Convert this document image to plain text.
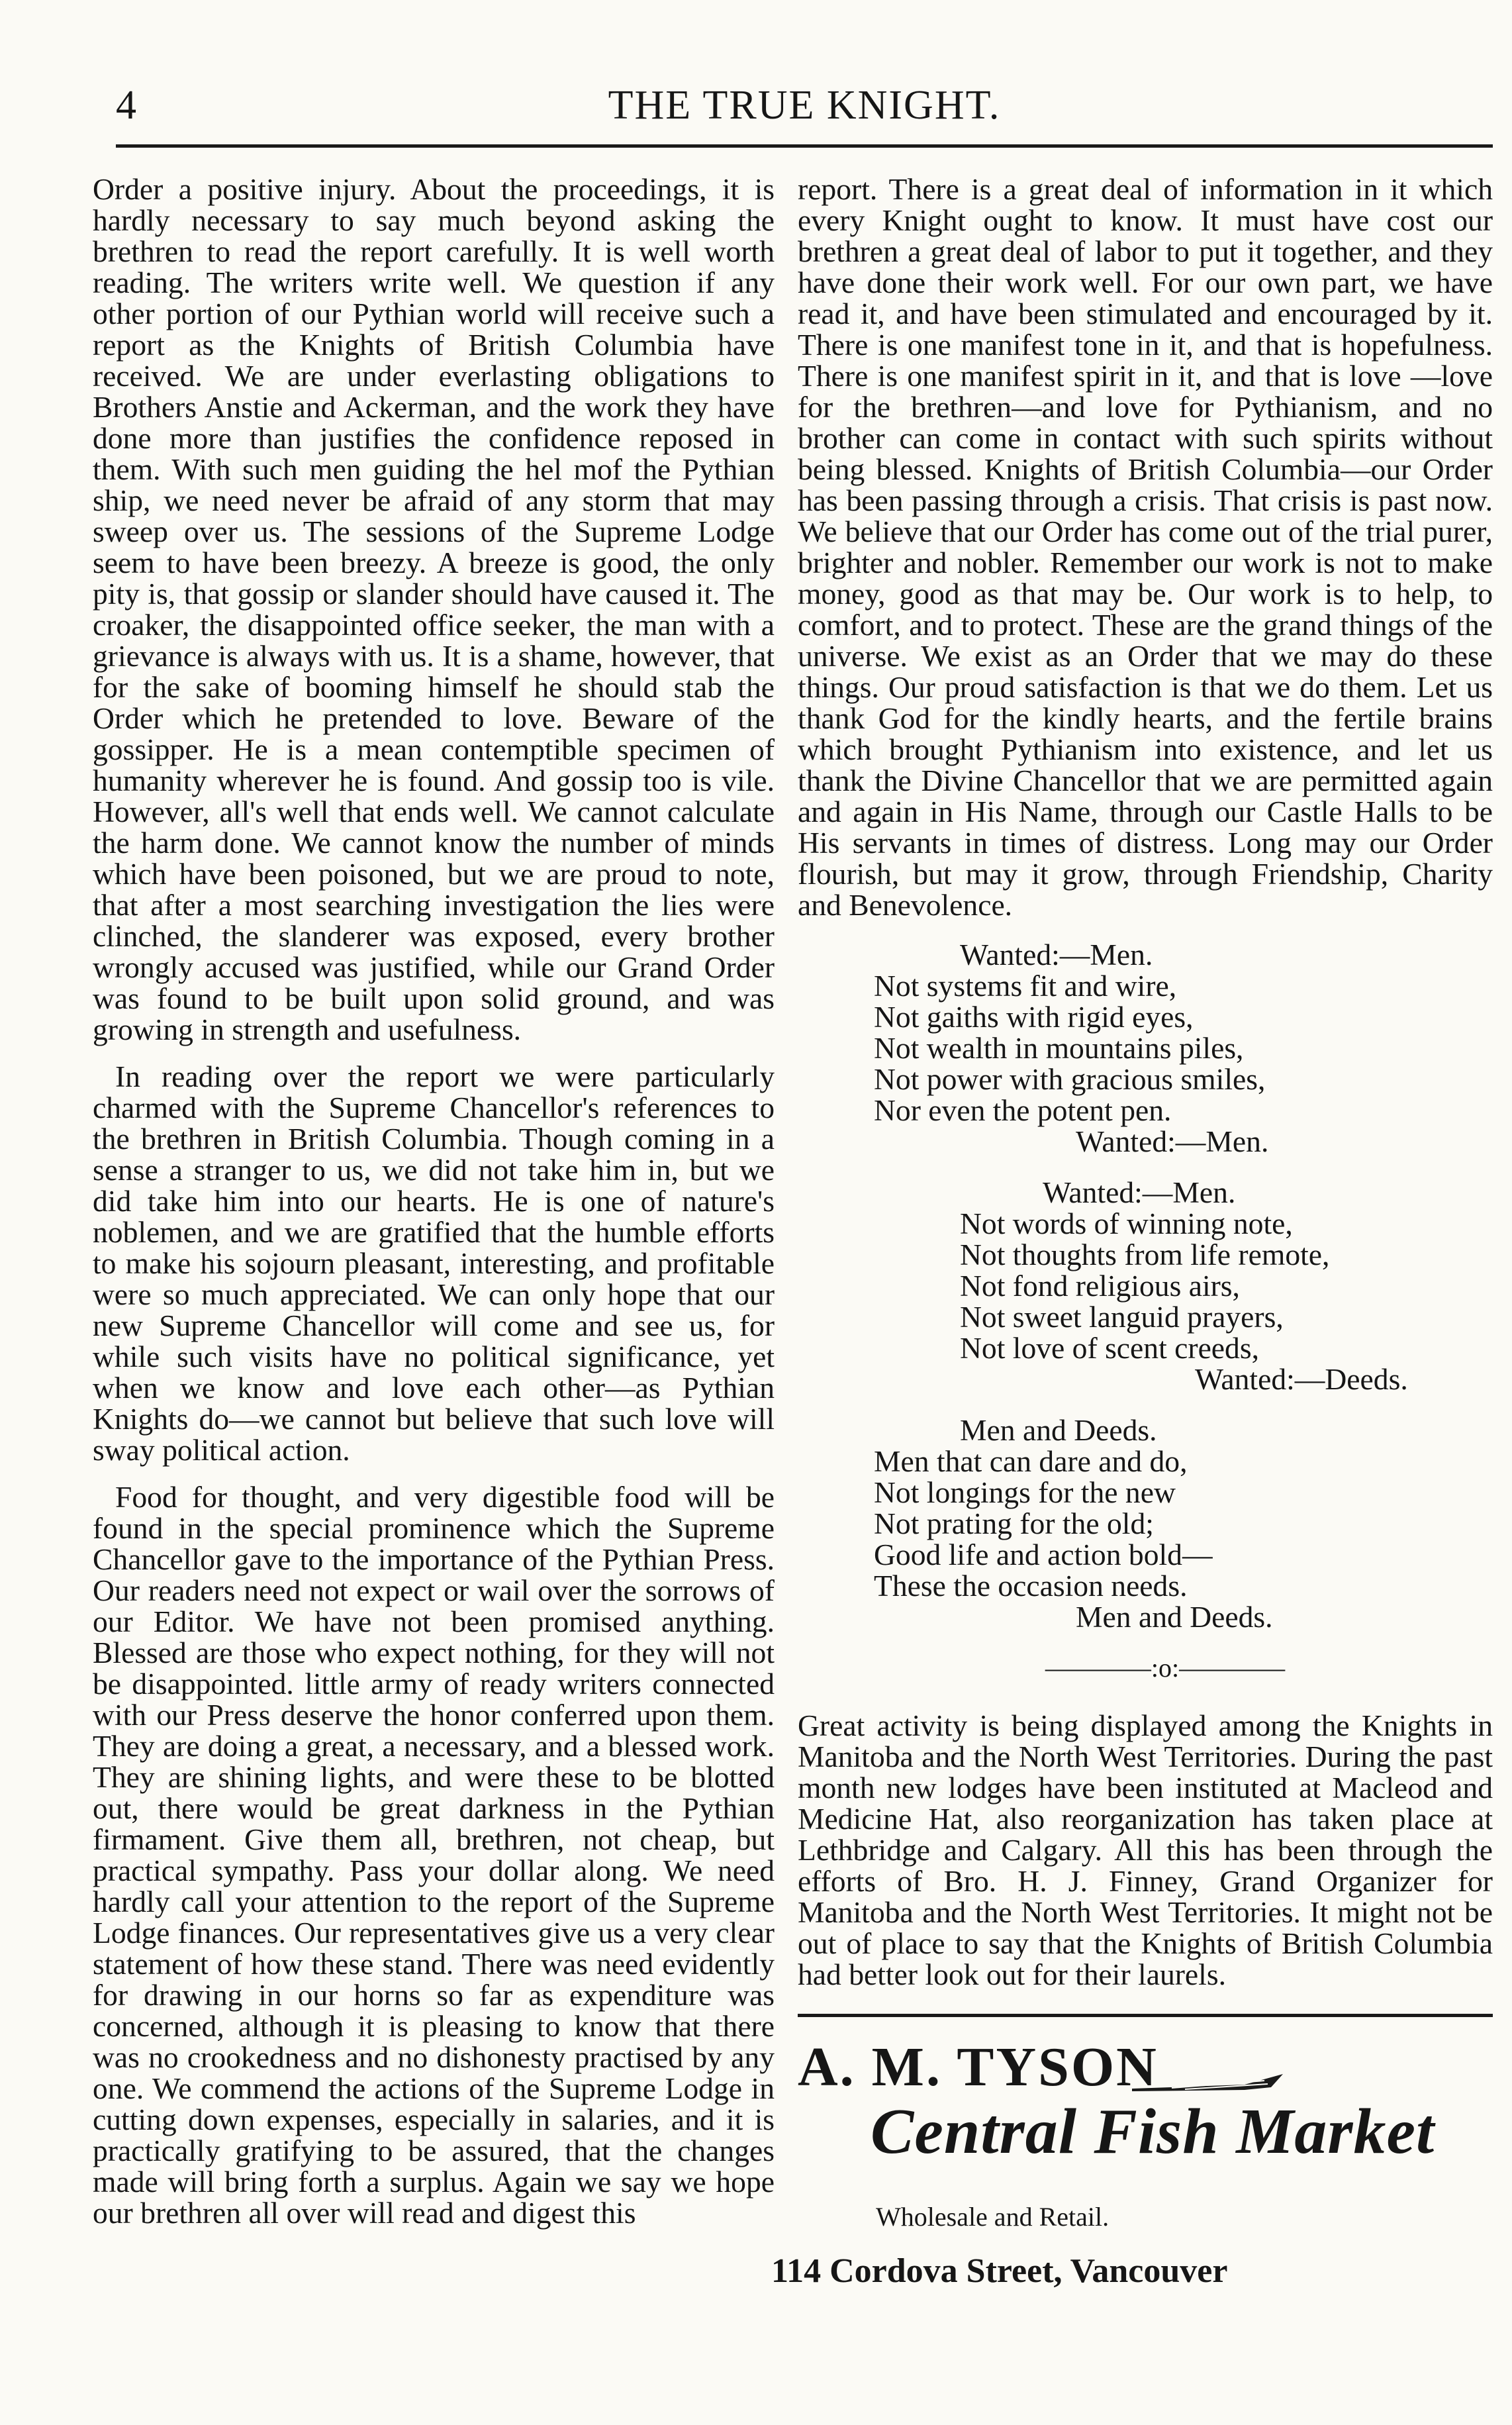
4	THE TRUE KNIGHT.

Order a positive injury. About the proceedings, it is hardly necessary to say much beyond asking the brethren to read the report carefully. It is well worth reading. The writers write well. We question if any other portion of our Pythian world will receive such a report as the Knights of British Columbia have received. We are under everlasting obligations to Brothers Anstie and Ackerman, and the work they have done more than justifies the confidence reposed in them. With such men guiding the hel mof the Pythian ship, we need never be afraid of any storm that may sweep over us. The sessions of the Supreme Lodge seem to have been breezy. A breeze is good, the only pity is, that gossip or slander should have caused it. The croaker, the disappointed office seeker, the man with a grievance is always with us. It is a shame, however, that for the sake of booming himself he should stab the Order which he pretended to love. Beware of the gossipper. He is a mean contemptible specimen of humanity wherever he is found. And gossip too is vile. However, all's well that ends well. We cannot calculate the harm done. We cannot know the number of minds which have been poisoned, but we are proud to note, that after a most searching investigation the lies were clinched, the slanderer was exposed, every brother wrongly accused was justified, while our Grand Order was found to be built upon solid ground, and was growing in strength and usefulness.

In reading over the report we were particularly charmed with the Supreme Chancellor's references to the brethren in British Columbia. Though coming in a sense a stranger to us, we did not take him in, but we did take him into our hearts. He is one of nature's noblemen, and we are gratified that the humble efforts to make his sojourn pleasant, interesting, and profitable were so much appreciated. We can only hope that our new Supreme Chancellor will come and see us, for while such visits have no political significance, yet when we know and love each other—as Pythian Knights do—we cannot but believe that such love will sway political action.

Food for thought, and very digestible food will be found in the special prominence which the Supreme Chancellor gave to the importance of the Pythian Press. Our readers need not expect or wail over the sorrows of our Editor. We have not been promised anything. Blessed are those who expect nothing, for they will not be disappointed. little army of ready writers connected with our Press deserve the honor conferred upon them. They are doing a great, a necessary, and a blessed work. They are shining lights, and were these to be blotted out, there would be great darkness in the Pythian firmament. Give them all, brethren, not cheap, but practical sympathy. Pass your dollar along. We need hardly call your attention to the report of the Supreme Lodge finances. Our representatives give us a very clear statement of how these stand. There was need evidently for drawing in our horns so far as expenditure was concerned, although it is pleasing to know that there was no crookedness and no dishonesty practised by any one. We commend the actions of the Supreme Lodge in cutting down expenses, especially in salaries, and it is practically gratifying to be assured, that the changes made will bring forth a surplus. Again we say we hope our brethren all over will read and digest this

report. There is a great deal of information in it which every Knight ought to know. It must have cost our brethren a great deal of labor to put it together, and they have done their work well. For our own part, we have read it, and have been stimulated and encouraged by it. There is one manifest tone in it, and that is hopefulness. There is one manifest spirit in it, and that is love —love for the brethren—and love for Pythianism, and no brother can come in contact with such spirits without being blessed. Knights of British Columbia—our Order has been passing through a crisis. That crisis is past now. We believe that our Order has come out of the trial purer, brighter and nobler. Remember our work is not to make money, good as that may be. Our work is to help, to comfort, and to protect. These are the grand things of the universe. We exist as an Order that we may do these things. Our proud satisfaction is that we do them. Let us thank God for the kindly hearts, and the fertile brains which brought Pythianism into existence, and let us thank the Divine Chancellor that we are permitted again and again in His Name, through our Castle Halls to be His servants in times of distress. Long may our Order flourish, but may it grow, through Friendship, Charity and Benevolence.

Wanted:—Men.
Not systems fit and wire,
Not gaiths with rigid eyes,
Not wealth in mountains piles,
Not power with gracious smiles,
Nor even the potent pen.
Wanted:—Men.
Wanted:—Men.
Not words of winning note,
Not thoughts from life remote,
Not fond religious airs,
Not sweet languid prayers,
Not love of scent creeds,
Wanted:—Deeds.
Men and Deeds.
Men that can dare and do,
Not longings for the new
Not prating for the old;
Good life and action bold—
These the occasion needs.
Men and Deeds.
————:o:————

Great activity is being displayed among the Knights in Manitoba and the North West Territories. During the past month new lodges have been instituted at Macleod and Medicine Hat, also reorganization has taken place at Lethbridge and Calgary. All this has been through the efforts of Bro. H. J. Finney, Grand Organizer for Manitoba and the North West Territories. It might not be out of place to say that the Knights of British Columbia had better look out for their laurels.

A. M. TYSON
Central Fish Market
Wholesale and Retail.
114 Cordova Street, Vancouver
